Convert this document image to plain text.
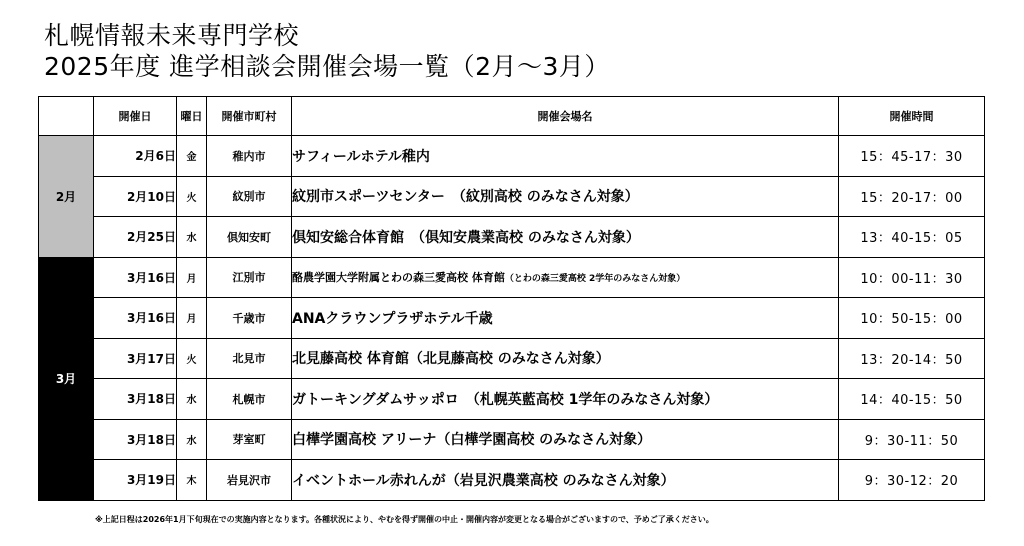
札幌情報未来専門学校
2025年度 進学相談会開催会場一覧（2月～3月）
	開催日	曜日	開催市町村	開催会場名	開催時間
2月	2月6日	金	稚内市	サフィールホテル稚内	15：45-17：30
	2月10日	火	紋別市	紋別市スポーツセンター　（紋別高校 のみなさん対象）	15：20-17：00
	2月25日	水	倶知安町	倶知安総合体育館　（倶知安農業高校 のみなさん対象）	13：40-15：05
3月	3月16日	月	江別市	酪農学園大学附属とわの森三愛高校 体育館（とわの森三愛高校 2学年のみなさん対象）	10：00-11：30
	3月16日	月	千歳市	ANAクラウンプラザホテル千歳	10：50-15：00
	3月17日	火	北見市	北見藤高校 体育館（北見藤高校 のみなさん対象）	13：20-14：50
	3月18日	水	札幌市	ガトーキングダムサッポロ　（札幌英藍高校 1学年のみなさん対象）	14：40-15：50
	3月18日	水	芽室町	白樺学園高校 アリーナ（白樺学園高校 のみなさん対象）	9：30-11：50
	3月19日	木	岩見沢市	イベントホール赤れんが（岩見沢農業高校 のみなさん対象）	9：30-12：20
※上記日程は2026年1月下旬現在での実施内容となります。各種状況により、やむを得ず開催の中止・開催内容が変更となる場合がございますので、予めご了承ください。
